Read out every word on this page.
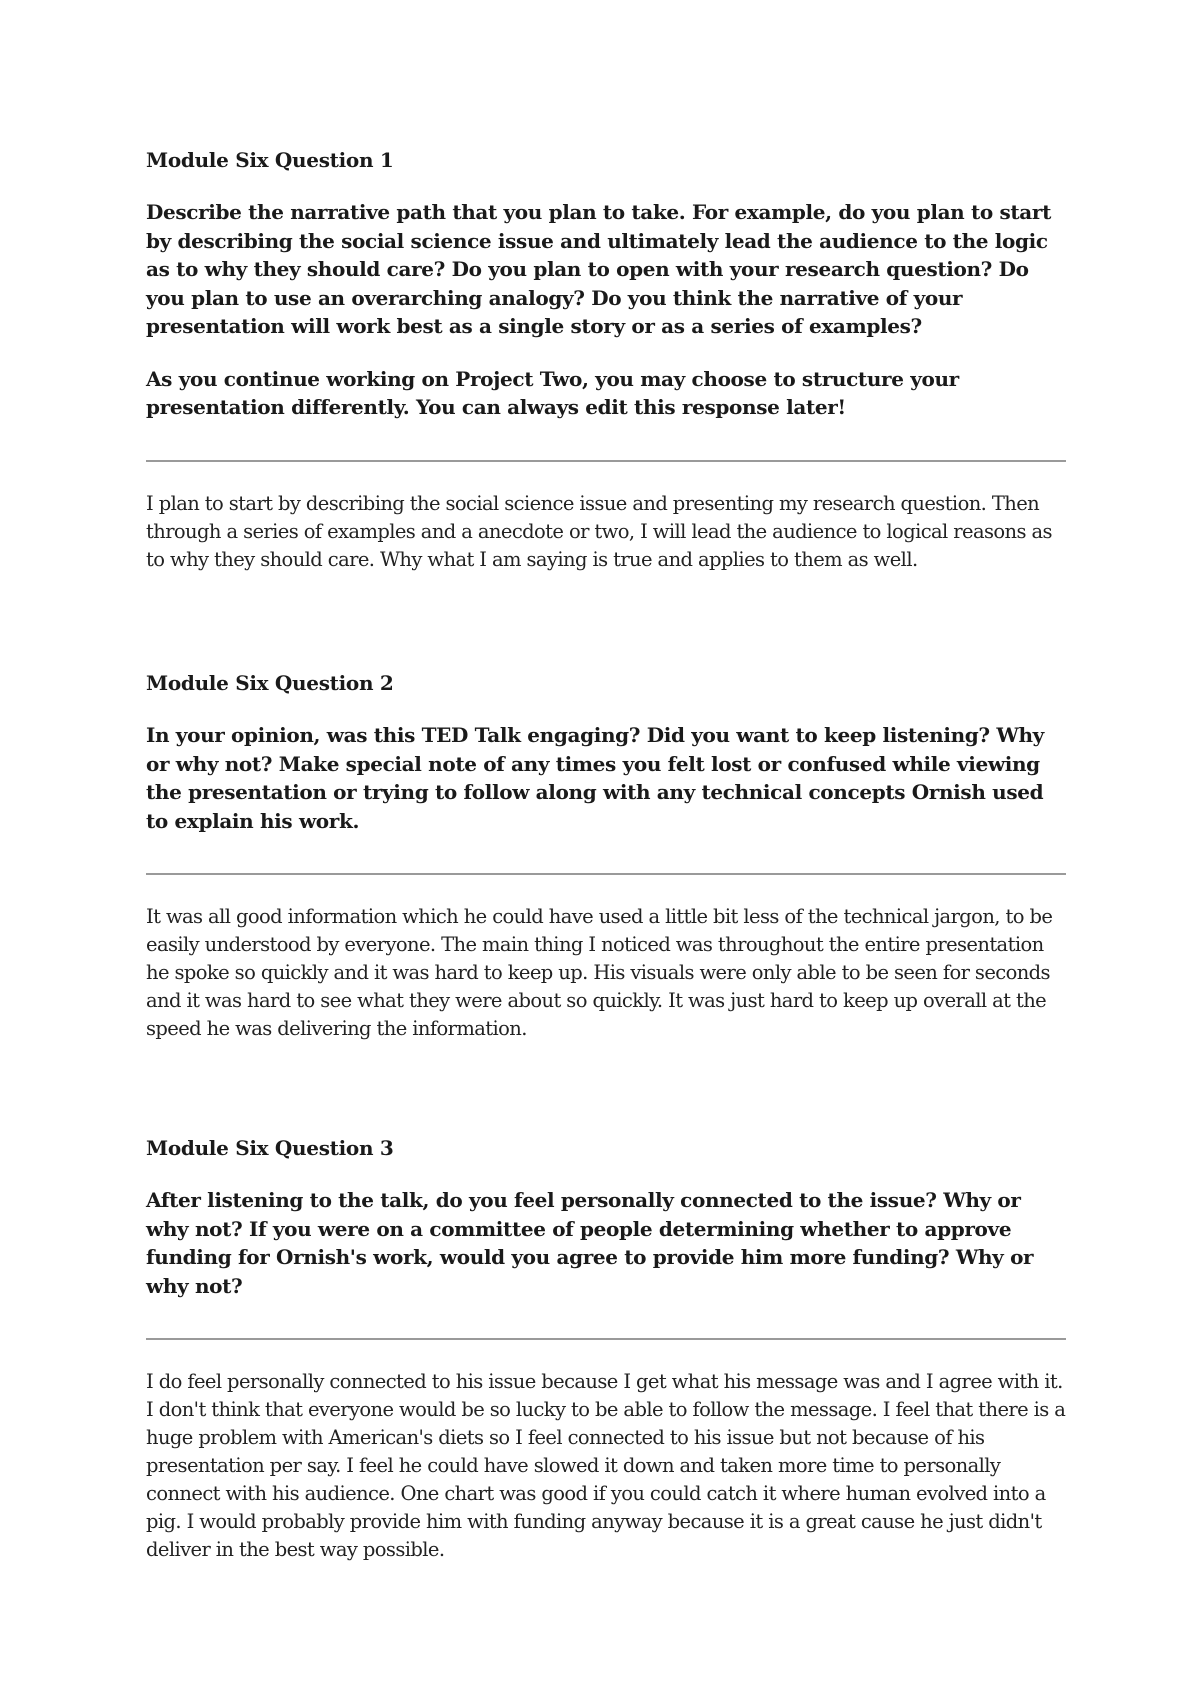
Module Six Question 1

Describe the narrative path that you plan to take. For example, do you plan to start by describing the social science issue and ultimately lead the audience to the logic as to why they should care? Do you plan to open with your research question? Do you plan to use an overarching analogy? Do you think the narrative of your presentation will work best as a single story or as a series of examples?

As you continue working on Project Two, you may choose to structure your presentation differently. You can always edit this response later!

I plan to start by describing the social science issue and presenting my research question. Then through a series of examples and a anecdote or two, I will lead the audience to logical reasons as to why they should care. Why what I am saying is true and applies to them as well.

Module Six Question 2

In your opinion, was this TED Talk engaging? Did you want to keep listening? Why or why not? Make special note of any times you felt lost or confused while viewing the presentation or trying to follow along with any technical concepts Ornish used to explain his work.

It was all good information which he could have used a little bit less of the technical jargon, to be easily understood by everyone. The main thing I noticed was throughout the entire presentation he spoke so quickly and it was hard to keep up. His visuals were only able to be seen for seconds and it was hard to see what they were about so quickly. It was just hard to keep up overall at the speed he was delivering the information.

Module Six Question 3

After listening to the talk, do you feel personally connected to the issue? Why or why not? If you were on a committee of people determining whether to approve funding for Ornish's work, would you agree to provide him more funding? Why or why not?

I do feel personally connected to his issue because I get what his message was and I agree with it. I don't think that everyone would be so lucky to be able to follow the message. I feel that there is a huge problem with American's diets so I feel connected to his issue but not because of his presentation per say. I feel he could have slowed it down and taken more time to personally connect with his audience. One chart was good if you could catch it where human evolved into a pig. I would probably provide him with funding anyway because it is a great cause he just didn't deliver in the best way possible.
